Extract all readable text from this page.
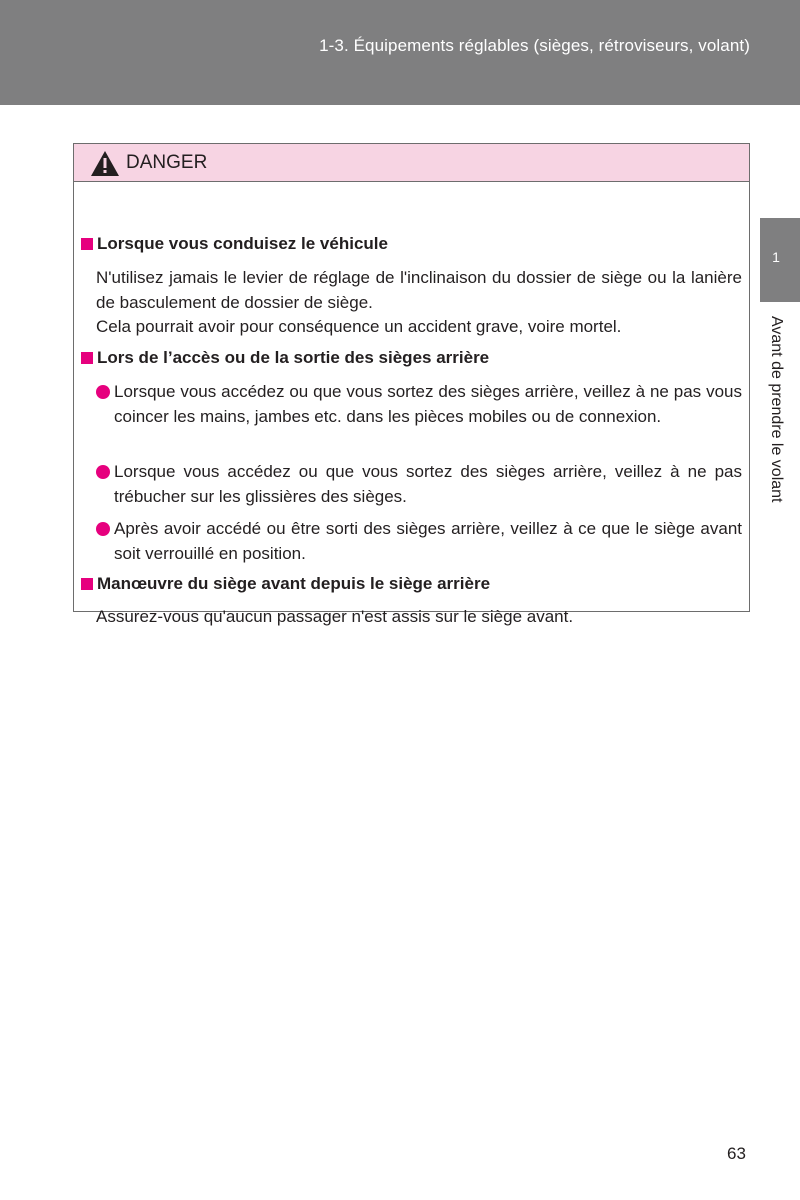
1-3. Équipements réglables (sièges, rétroviseurs, volant)
1
Avant de prendre le volant
DANGER
Lorsque vous conduisez le véhicule
N'utilisez jamais le levier de réglage de l'inclinaison du dossier de siège ou la lanière de basculement de dossier de siège.
Cela pourrait avoir pour conséquence un accident grave, voire mortel.
Lors de l’accès ou de la sortie des sièges arrière
Lorsque vous accédez ou que vous sortez des sièges arrière, veillez à ne pas vous coincer les mains, jambes etc. dans les pièces mobiles ou de connexion.
Lorsque vous accédez ou que vous sortez des sièges arrière, veillez à ne pas trébucher sur les glissières des sièges.
Après avoir accédé ou être sorti des sièges arrière, veillez à ce que le siège avant soit verrouillé en position.
Manœuvre du siège avant depuis le siège arrière
Assurez-vous qu'aucun passager n'est assis sur le siège avant.
63
